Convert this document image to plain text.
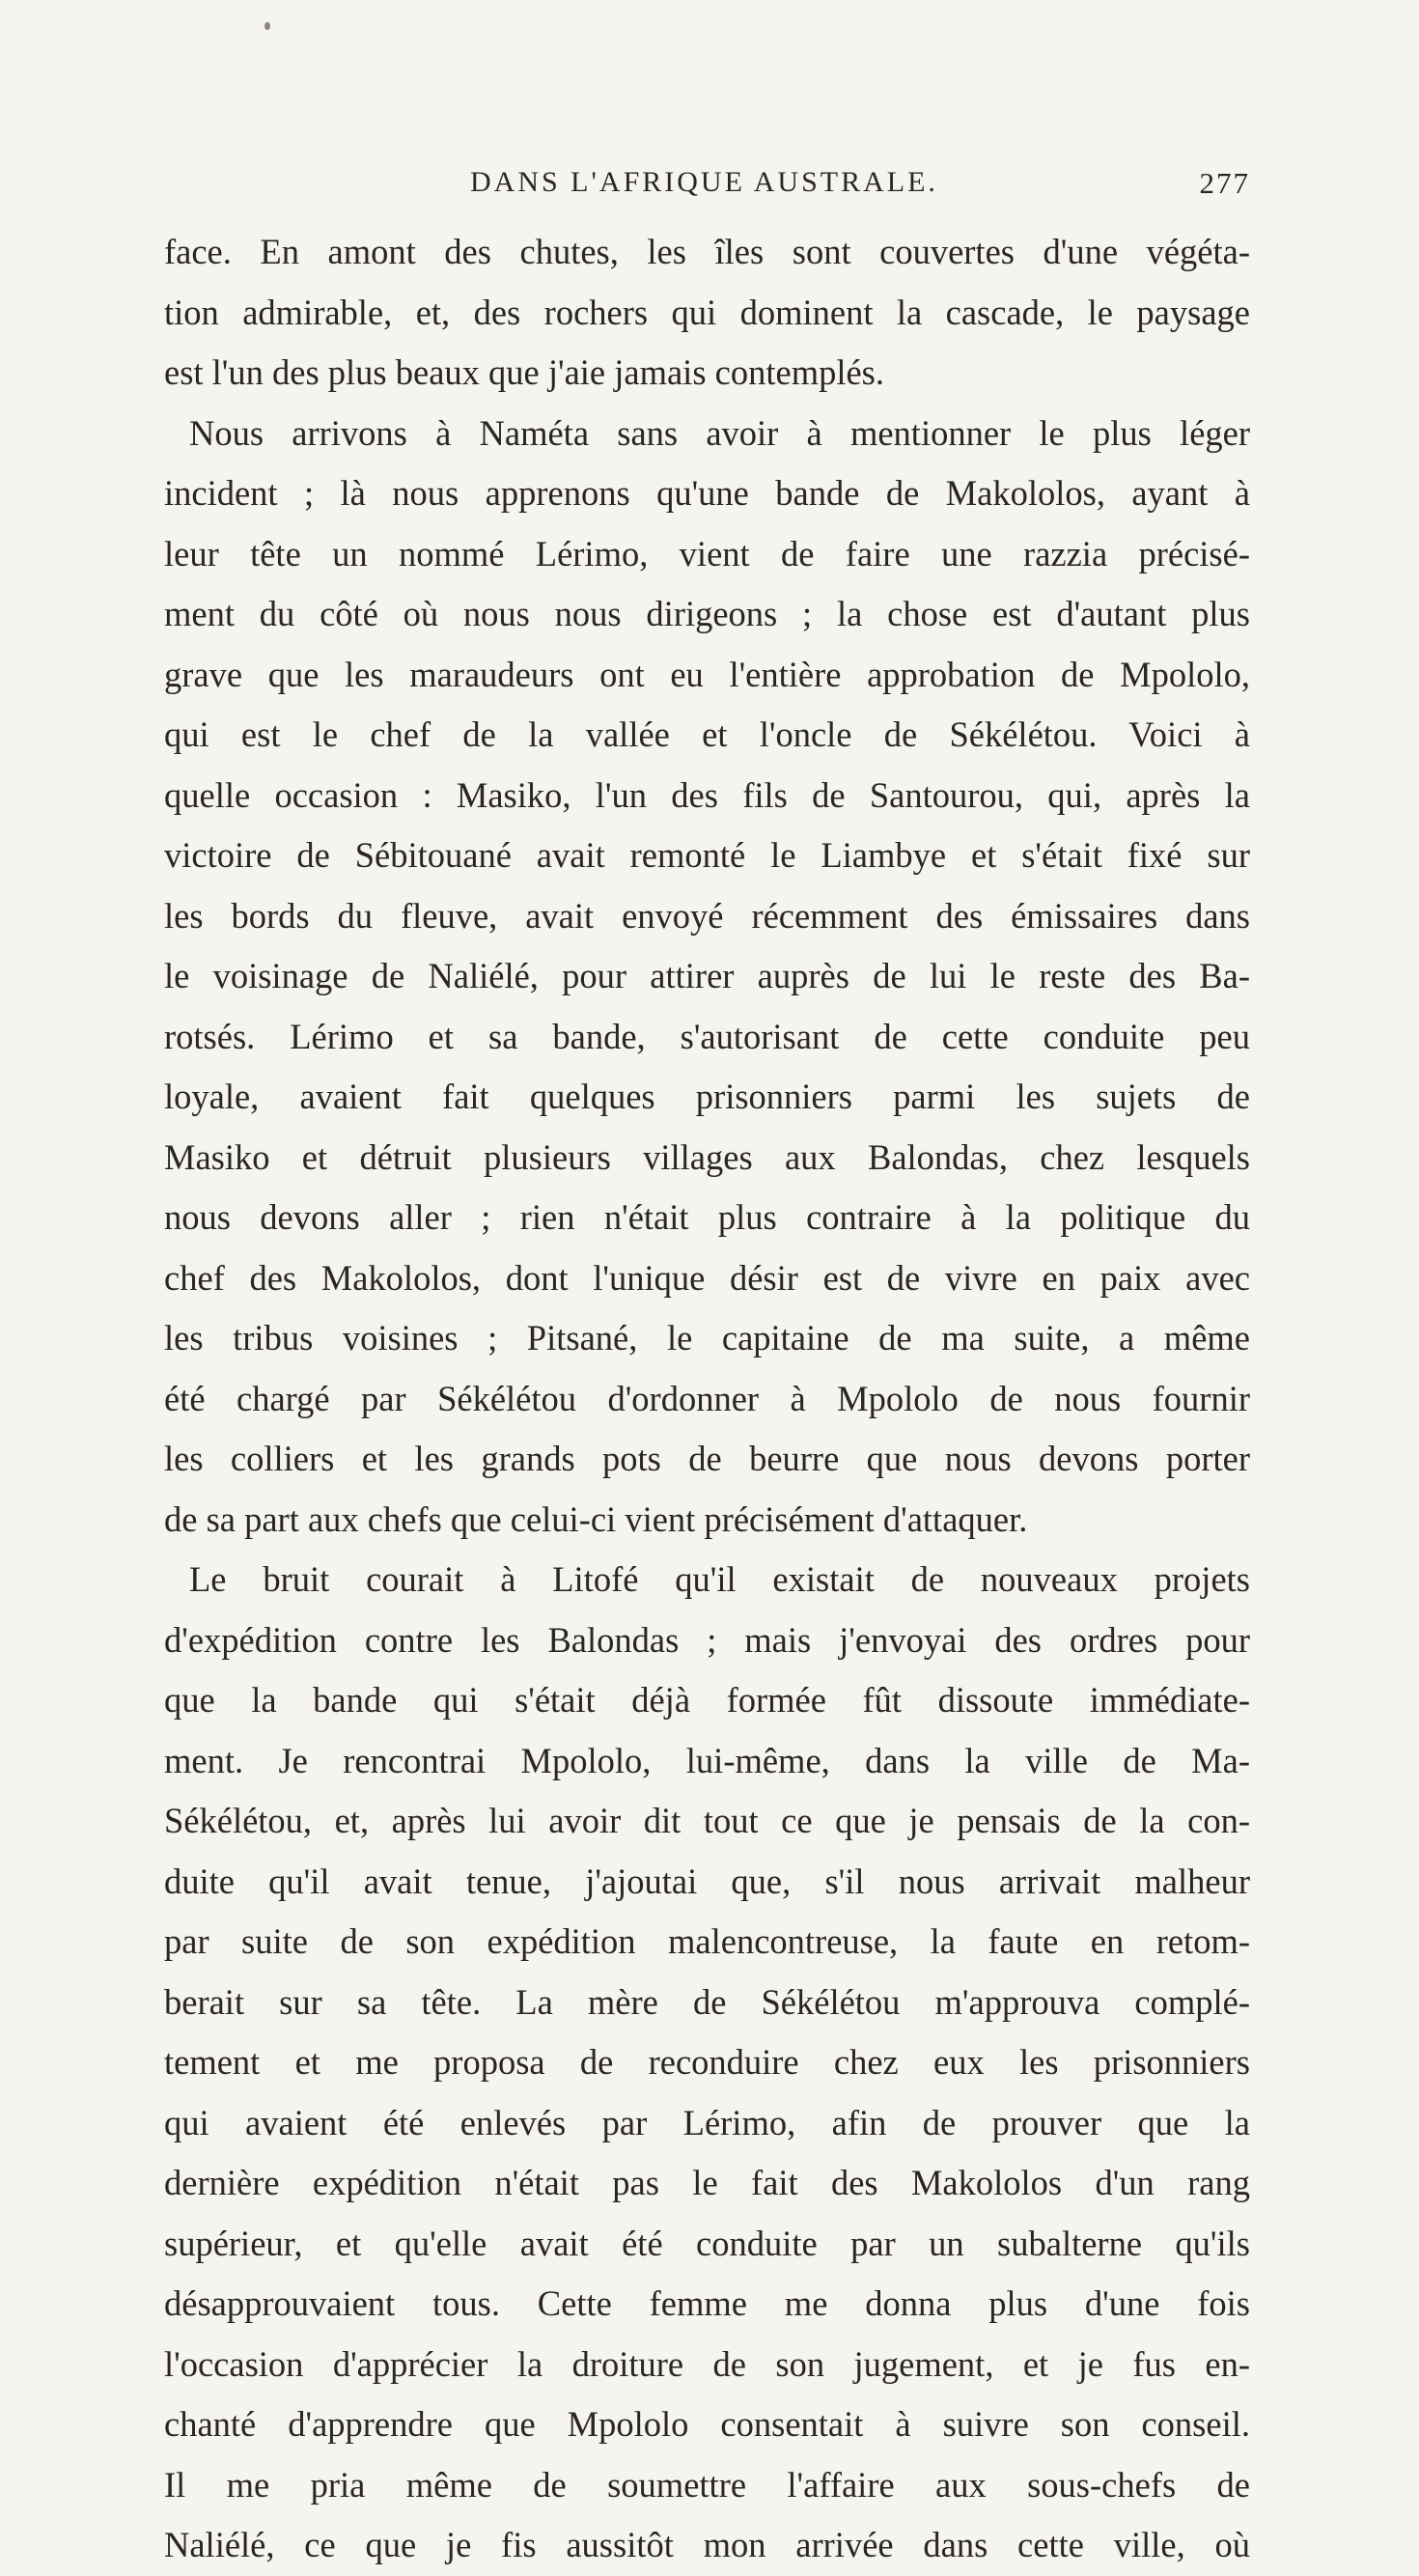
DANS L'AFRIQUE AUSTRALE.	277
face. En amont des chutes, les îles sont couvertes d'une végéta-
tion admirable, et, des rochers qui dominent la cascade, le paysage
est l'un des plus beaux que j'aie jamais contemplés.
Nous arrivons à Naméta sans avoir à mentionner le plus léger
incident ; là nous apprenons qu'une bande de Makololos, ayant à
leur tête un nommé Lérimo, vient de faire une razzia précisé-
ment du côté où nous nous dirigeons ; la chose est d'autant plus
grave que les maraudeurs ont eu l'entière approbation de Mpololo,
qui est le chef de la vallée et l'oncle de Sékélétou. Voici à
quelle occasion : Masiko, l'un des fils de Santourou, qui, après la
victoire de Sébitouané avait remonté le Liambye et s'était fixé sur
les bords du fleuve, avait envoyé récemment des émissaires dans
le voisinage de Naliélé, pour attirer auprès de lui le reste des Ba-
rotsés. Lérimo et sa bande, s'autorisant de cette conduite peu
loyale, avaient fait quelques prisonniers parmi les sujets de
Masiko et détruit plusieurs villages aux Balondas, chez lesquels
nous devons aller ; rien n'était plus contraire à la politique du
chef des Makololos, dont l'unique désir est de vivre en paix avec
les tribus voisines ; Pitsané, le capitaine de ma suite, a même
été chargé par Sékélétou d'ordonner à Mpololo de nous fournir
les colliers et les grands pots de beurre que nous devons porter
de sa part aux chefs que celui-ci vient précisément d'attaquer.
Le bruit courait à Litofé qu'il existait de nouveaux projets
d'expédition contre les Balondas ; mais j'envoyai des ordres pour
que la bande qui s'était déjà formée fût dissoute immédiate-
ment. Je rencontrai Mpololo, lui-même, dans la ville de Ma-
Sékélétou, et, après lui avoir dit tout ce que je pensais de la con-
duite qu'il avait tenue, j'ajoutai que, s'il nous arrivait malheur
par suite de son expédition malencontreuse, la faute en retom-
berait sur sa tête. La mère de Sékélétou m'approuva complé-
tement et me proposa de reconduire chez eux les prisonniers
qui avaient été enlevés par Lérimo, afin de prouver que la
dernière expédition n'était pas le fait des Makololos d'un rang
supérieur, et qu'elle avait été conduite par un subalterne qu'ils
désapprouvaient tous. Cette femme me donna plus d'une fois
l'occasion d'apprécier la droiture de son jugement, et je fus en-
chanté d'apprendre que Mpololo consentait à suivre son conseil.
Il me pria même de soumettre l'affaire aux sous-chefs de
Naliélé, ce que je fis aussitôt mon arrivée dans cette ville, où
